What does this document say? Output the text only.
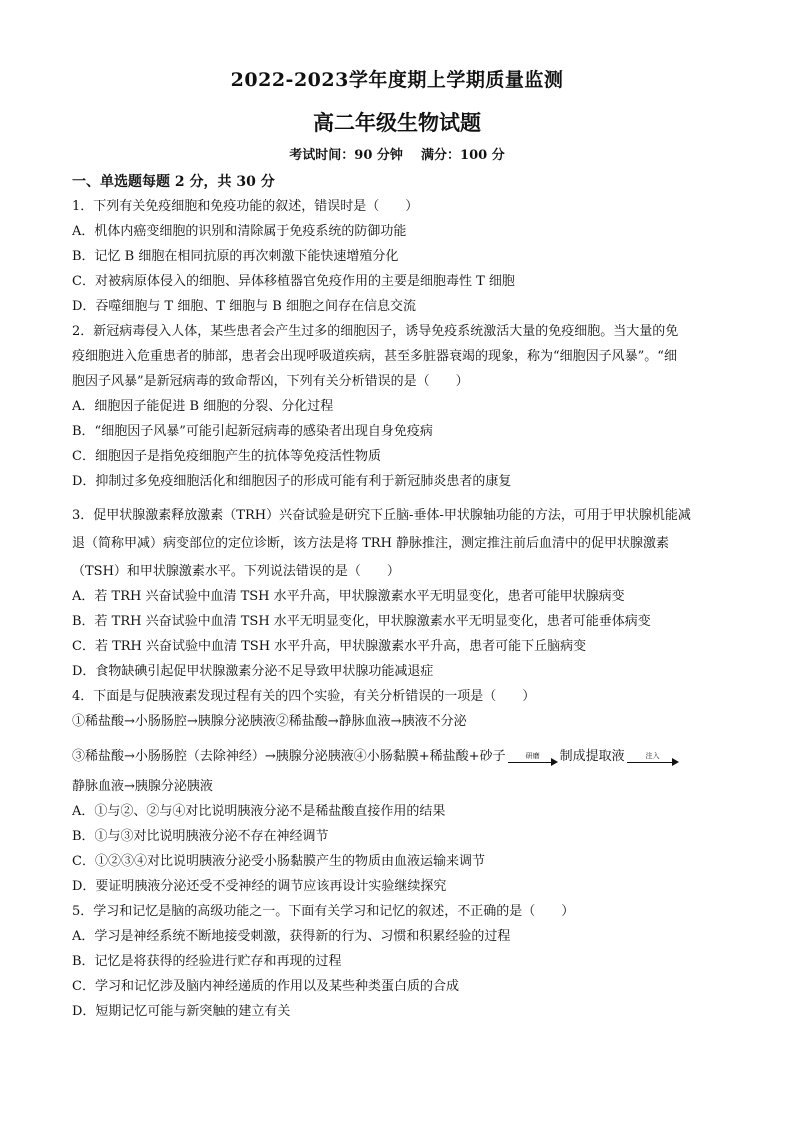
2022-2023学年度期上学期质量监测
高二年级生物试题
考试时间：90 分钟 满分：100 分
一、单选题每题 2 分，共 30 分
1．下列有关免疫细胞和免疫功能的叙述，错误时是（　　）
A．机体内癌变细胞的识别和清除属于免疫系统的防御功能
B．记忆 B 细胞在相同抗原的再次刺激下能快速增殖分化
C．对被病原体侵入的细胞、异体移植器官免疫作用的主要是细胞毒性 T 细胞
D．吞噬细胞与 T 细胞、T 细胞与 B 细胞之间存在信息交流
2．新冠病毒侵入人体，某些患者会产生过多的细胞因子，诱导免疫系统激活大量的免疫细胞。当大量的免
疫细胞进入危重患者的肺部，患者会出现呼吸道疾病，甚至多脏器衰竭的现象，称为“细胞因子风暴”。“细
胞因子风暴”是新冠病毒的致命帮凶，下列有关分析错误的是（　　）
A．细胞因子能促进 B 细胞的分裂、分化过程
B．“细胞因子风暴”可能引起新冠病毒的感染者出现自身免疫病
C．细胞因子是指免疫细胞产生的抗体等免疫活性物质
D．抑制过多免疫细胞活化和细胞因子的形成可能有利于新冠肺炎患者的康复
3．促甲状腺激素释放激素（TRH）兴奋试验是研究下丘脑-垂体-甲状腺轴功能的方法，可用于甲状腺机能减
退（简称甲减）病变部位的定位诊断，该方法是将 TRH 静脉推注，测定推注前后血清中的促甲状腺激素
（TSH）和甲状腺激素水平。下列说法错误的是（　　）
A．若 TRH 兴奋试验中血清 TSH 水平升高，甲状腺激素水平无明显变化，患者可能甲状腺病变
B．若 TRH 兴奋试验中血清 TSH 水平无明显变化，甲状腺激素水平无明显变化，患者可能垂体病变
C．若 TRH 兴奋试验中血清 TSH 水平升高，甲状腺激素水平升高，患者可能下丘脑病变
D．食物缺碘引起促甲状腺激素分泌不足导致甲状腺功能减退症
4．下面是与促胰液素发现过程有关的四个实验，有关分析错误的一项是（　　）
①稀盐酸→小肠肠腔→胰腺分泌胰液②稀盐酸→静脉血液→胰液不分泌
③稀盐酸→小肠肠腔（去除神经）→胰腺分泌胰液④小肠黏膜+稀盐酸+砂子	研磨 制成提取液	注入
静脉血液→胰腺分泌胰液
A．①与②、②与④对比说明胰液分泌不是稀盐酸直接作用的结果
B．①与③对比说明胰液分泌不存在神经调节
C．①②③④对比说明胰液分泌受小肠黏膜产生的物质由血液运输来调节
D．要证明胰液分泌还受不受神经的调节应该再设计实验继续探究
5．学习和记忆是脑的高级功能之一。下面有关学习和记忆的叙述，不正确的是（　　）
A．学习是神经系统不断地接受刺激，获得新的行为、习惯和积累经验的过程
B．记忆是将获得的经验进行贮存和再现的过程
C．学习和记忆涉及脑内神经递质的作用以及某些种类蛋白质的合成
D．短期记忆可能与新突触的建立有关
